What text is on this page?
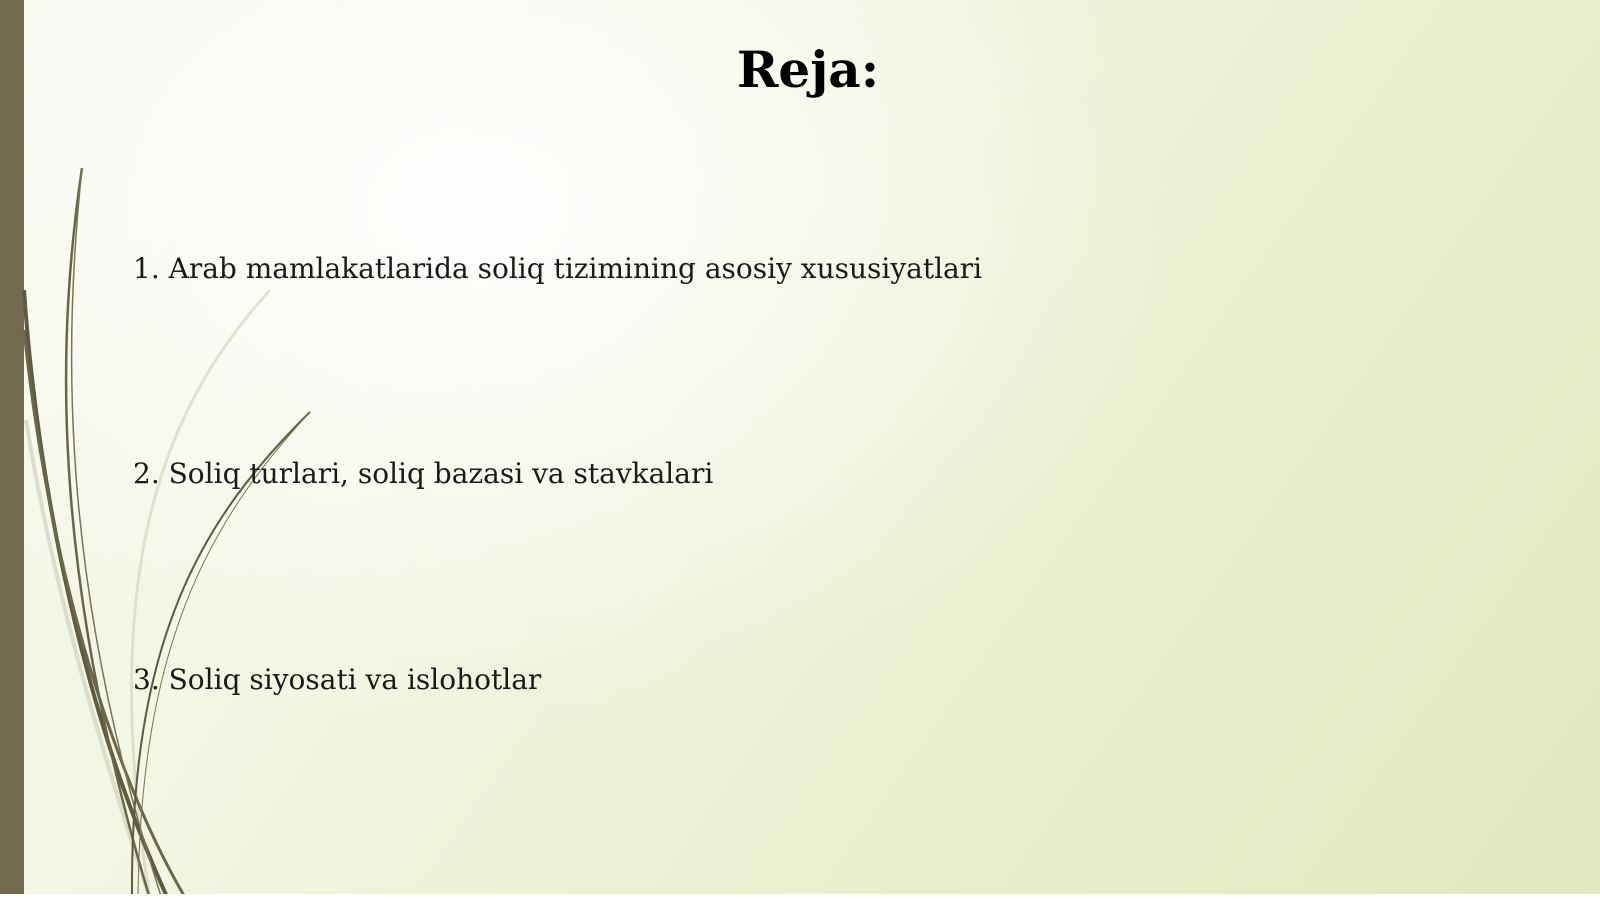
Reja:

1. Arab mamlakatlarida soliq tizimining asosiy xususiyatlari

2. Soliq turlari, soliq bazasi va stavkalari

3. Soliq siyosati va islohotlar
